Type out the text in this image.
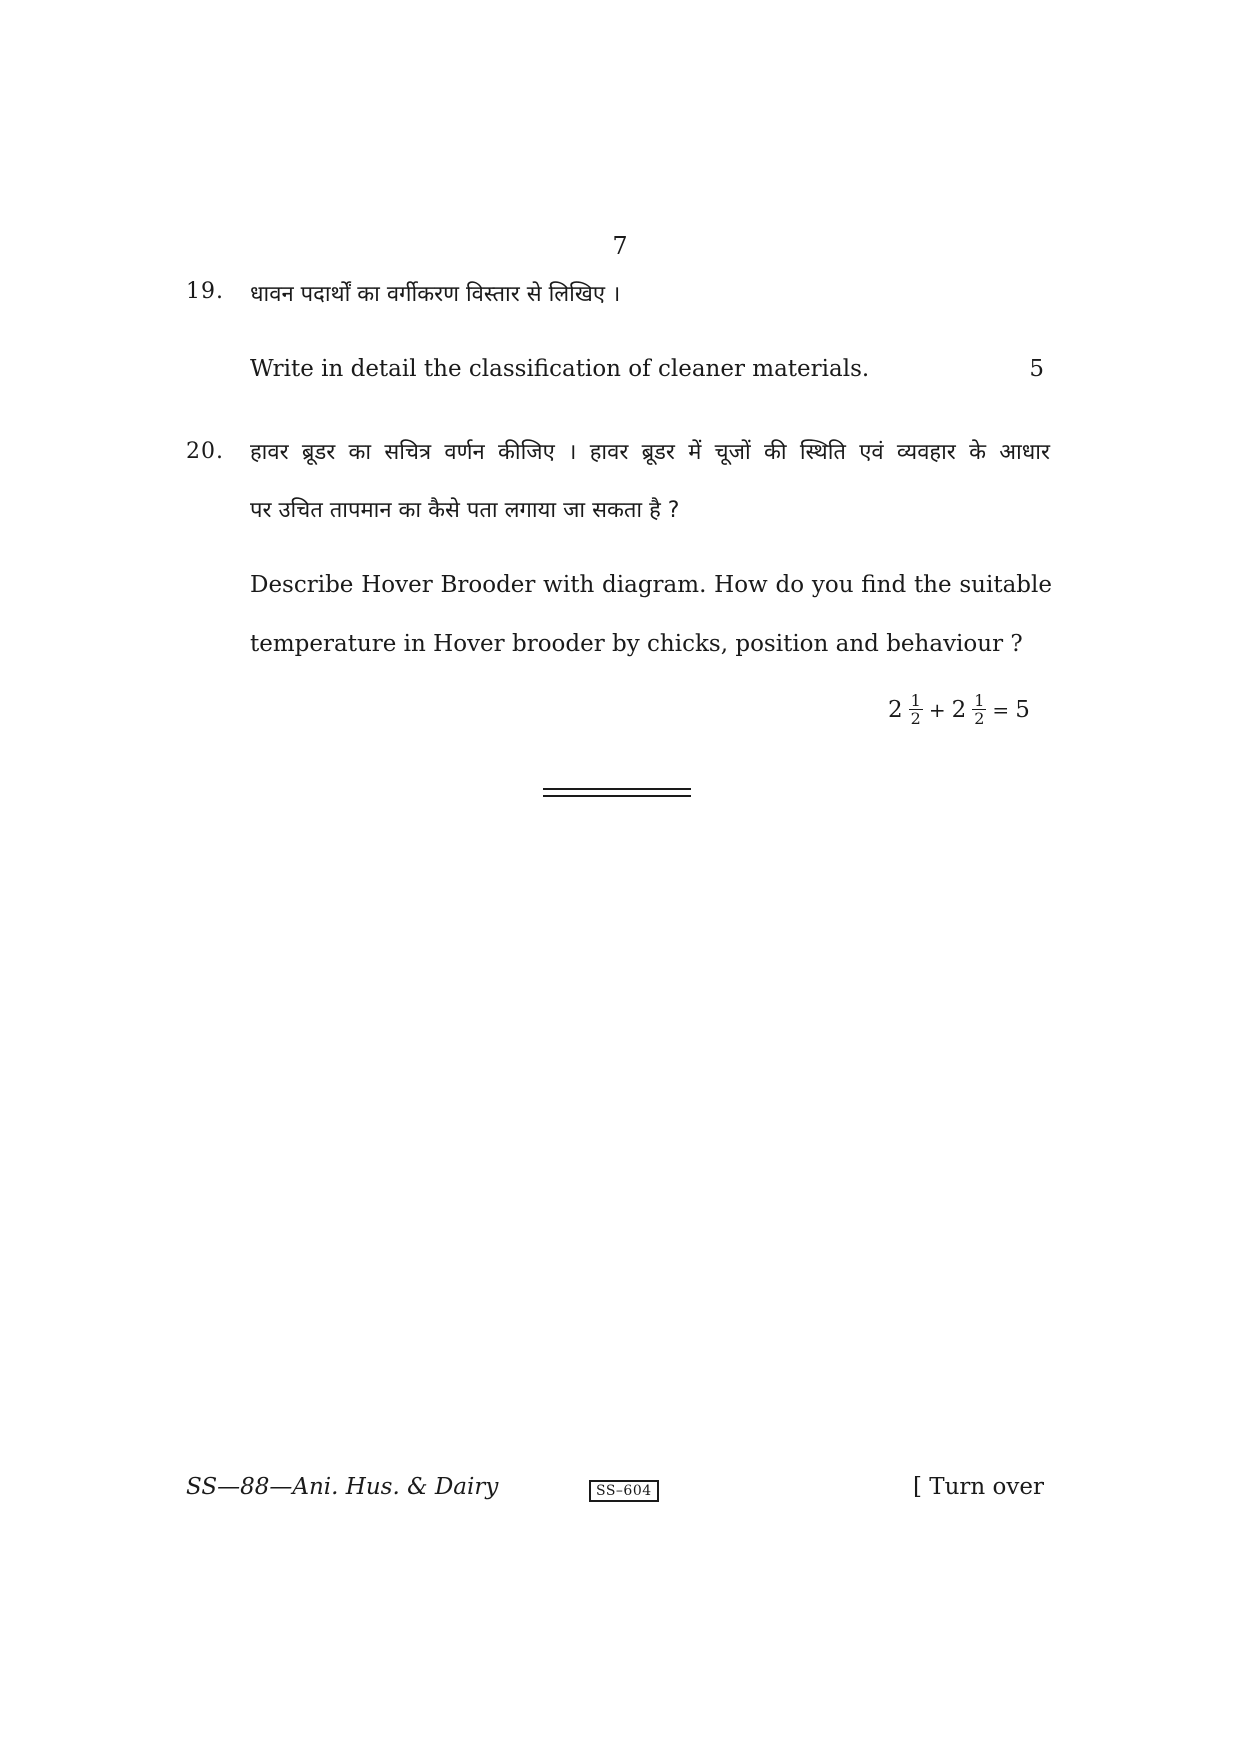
7
19. धावन पदार्थों का वर्गीकरण विस्तार से लिखिए ।
Write in detail the classification of cleaner materials.	5
20. हावर ब्रूडर का सचित्र वर्णन कीजिए । हावर ब्रूडर में चूजों की स्थिति एवं व्यवहार के आधार
पर उचित तापमान का कैसे पता लगाया जा सकता है ?
Describe Hover Brooder with diagram. How do you find the suitable
temperature in Hover brooder by chicks, position and behaviour ?
$2 \frac{1}{2} + 2 \frac{1}{2} = 5$
SS—88—Ani. Hus. & Dairy	SS–604	[ Turn over
